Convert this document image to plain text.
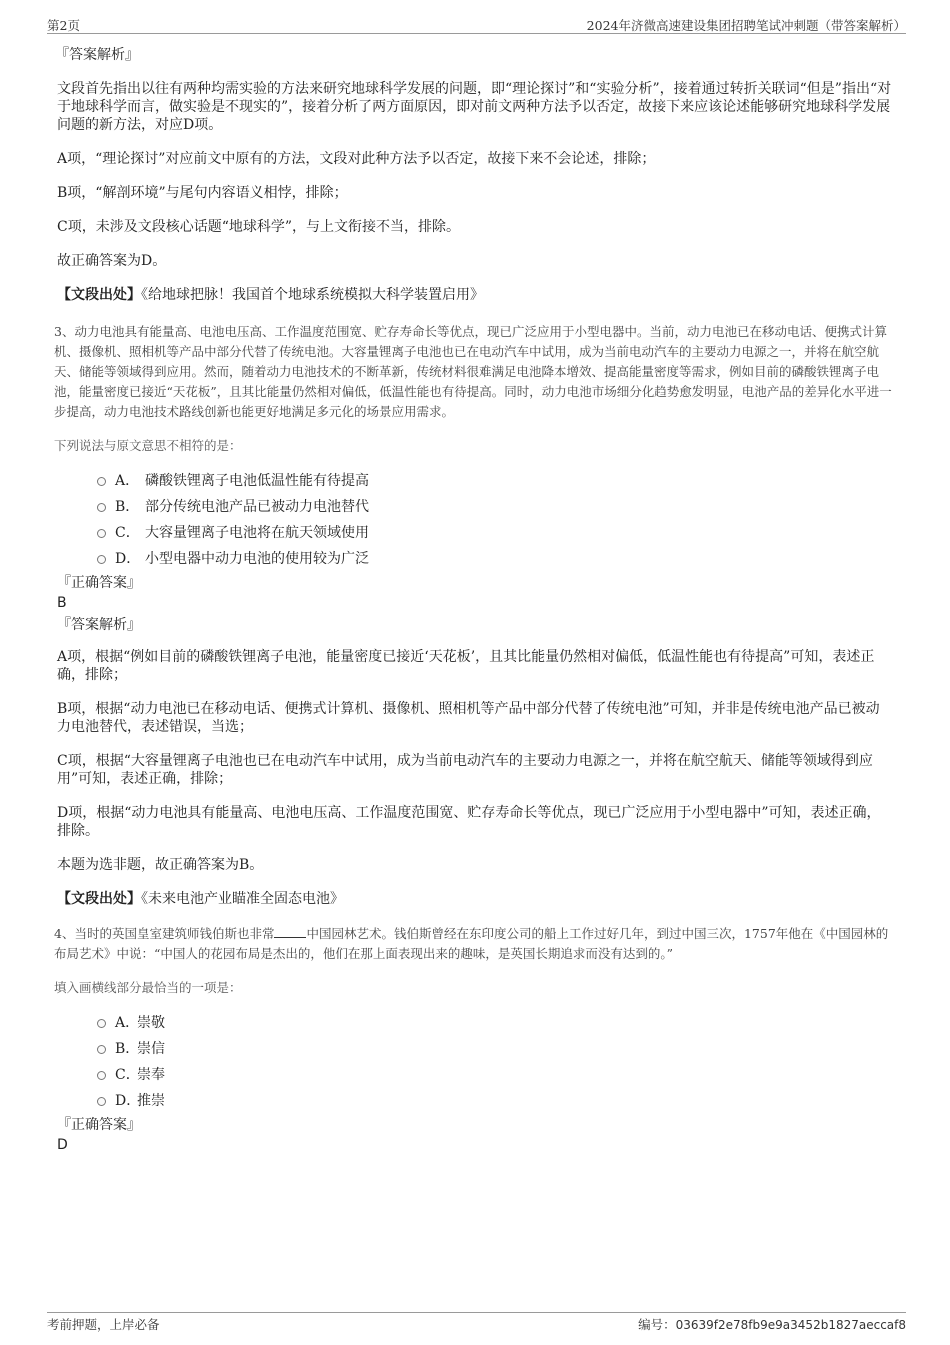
第2页	2024年济微高速建设集团招聘笔试冲刺题（带答案解析）
『答案解析』

文段首先指出以往有两种均需实验的方法来研究地球科学发展的问题，即“理论探讨”和“实验分析”，接着通过转折关联词“但是”指出“对于地球科学而言，做实验是不现实的”，接着分析了两方面原因，即对前文两种方法予以否定，故接下来应该论述能够研究地球科学发展问题的新方法，对应D项。

A项，“理论探讨”对应前文中原有的方法，文段对此种方法予以否定，故接下来不会论述，排除；

B项，“解剖环境”与尾句内容语义相悖，排除；

C项，未涉及文段核心话题“地球科学”，与上文衔接不当，排除。

故正确答案为D。

【文段出处】《给地球把脉！我国首个地球系统模拟大科学装置启用》

3、动力电池具有能量高、电池电压高、工作温度范围宽、贮存寿命长等优点，现已广泛应用于小型电器中。当前，动力电池已在移动电话、便携式计算机、摄像机、照相机等产品中部分代替了传统电池。大容量锂离子电池也已在电动汽车中试用，成为当前电动汽车的主要动力电源之一，并将在航空航天、储能等领域得到应用。然而，随着动力电池技术的不断革新，传统材料很难满足电池降本增效、提高能量密度等需求，例如目前的磷酸铁锂离子电池，能量密度已接近“天花板”，且其比能量仍然相对偏低，低温性能也有待提高。同时，动力电池市场细分化趋势愈发明显，电池产品的差异化水平进一步提高，动力电池技术路线创新也能更好地满足多元化的场景应用需求。

下列说法与原文意思不相符的是：

A． 磷酸铁锂离子电池低温性能有待提高
B． 部分传统电池产品已被动力电池替代
C． 大容量锂离子电池将在航天领域使用
D． 小型电器中动力电池的使用较为广泛
『正确答案』
B
『答案解析』

A项，根据“例如目前的磷酸铁锂离子电池，能量密度已接近‘天花板’，且其比能量仍然相对偏低，低温性能也有待提高”可知，表述正确，排除；

B项，根据“动力电池已在移动电话、便携式计算机、摄像机、照相机等产品中部分代替了传统电池”可知，并非是传统电池产品已被动力电池替代，表述错误，当选；

C项，根据“大容量锂离子电池也已在电动汽车中试用，成为当前电动汽车的主要动力电源之一，并将在航空航天、储能等领域得到应用”可知，表述正确，排除；

D项，根据“动力电池具有能量高、电池电压高、工作温度范围宽、贮存寿命长等优点，现已广泛应用于小型电器中”可知，表述正确，排除。

本题为选非题，故正确答案为B。

【文段出处】《未来电池产业瞄准全固态电池》

4、当时的英国皇室建筑师钱伯斯也非常	中国园林艺术。钱伯斯曾经在东印度公司的船上工作过好几年，到过中国三次，1757年他在《中国园林的布局艺术》中说：“中国人的花园布局是杰出的，他们在那上面表现出来的趣味，是英国长期追求而没有达到的。”

填入画横线部分最恰当的一项是：

A．崇敬
B．崇信
C．崇奉
D．推崇
『正确答案』
D
考前押题，上岸必备	编号：03639f2e78fb9e9a3452b1827aeccaf8
